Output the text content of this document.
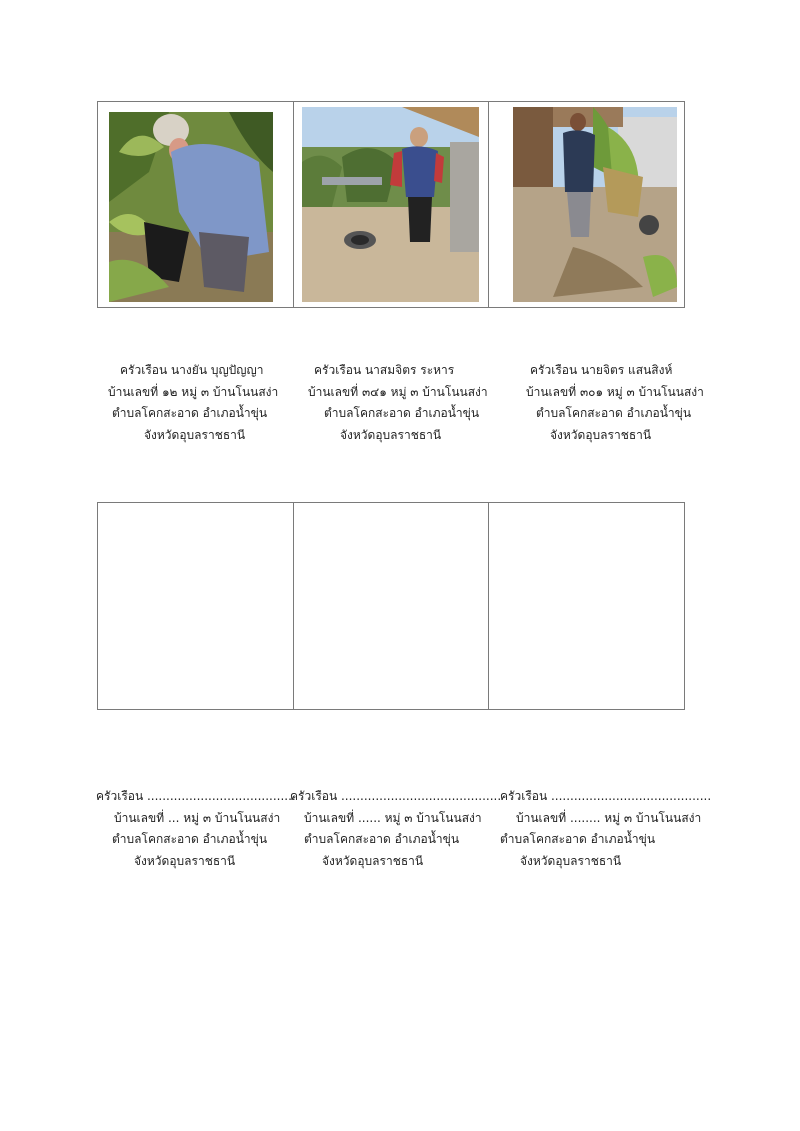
ครัวเรือน นางยัน บุญปัญญา
บ้านเลขที่ ๑๒ หมู่ ๓ บ้านโนนสง่า
ตำบลโคกสะอาด อำเภอน้ำขุ่น
จังหวัดอุบลราชธานี
ครัวเรือน นาสมจิตร ระหาร
บ้านเลขที่ ๓๔๑ หมู่ ๓ บ้านโนนสง่า
ตำบลโคกสะอาด อำเภอน้ำขุ่น
จังหวัดอุบลราชธานี
ครัวเรือน นายจิตร แสนสิงห์
บ้านเลขที่ ๓๐๑ หมู่ ๓ บ้านโนนสง่า
ตำบลโคกสะอาด อำเภอน้ำขุ่น
จังหวัดอุบลราชธานี
ครัวเรือน .......................................
บ้านเลขที่ ... หมู่ ๓ บ้านโนนสง่า
ตำบลโคกสะอาด อำเภอน้ำขุ่น
จังหวัดอุบลราชธานี
ครัวเรือน ..........................................
บ้านเลขที่ ...... หมู่ ๓ บ้านโนนสง่า
ตำบลโคกสะอาด อำเภอน้ำขุ่น
จังหวัดอุบลราชธานี
ครัวเรือน ..........................................
บ้านเลขที่ ........ หมู่ ๓ บ้านโนนสง่า
ตำบลโคกสะอาด อำเภอน้ำขุ่น
จังหวัดอุบลราชธานี
